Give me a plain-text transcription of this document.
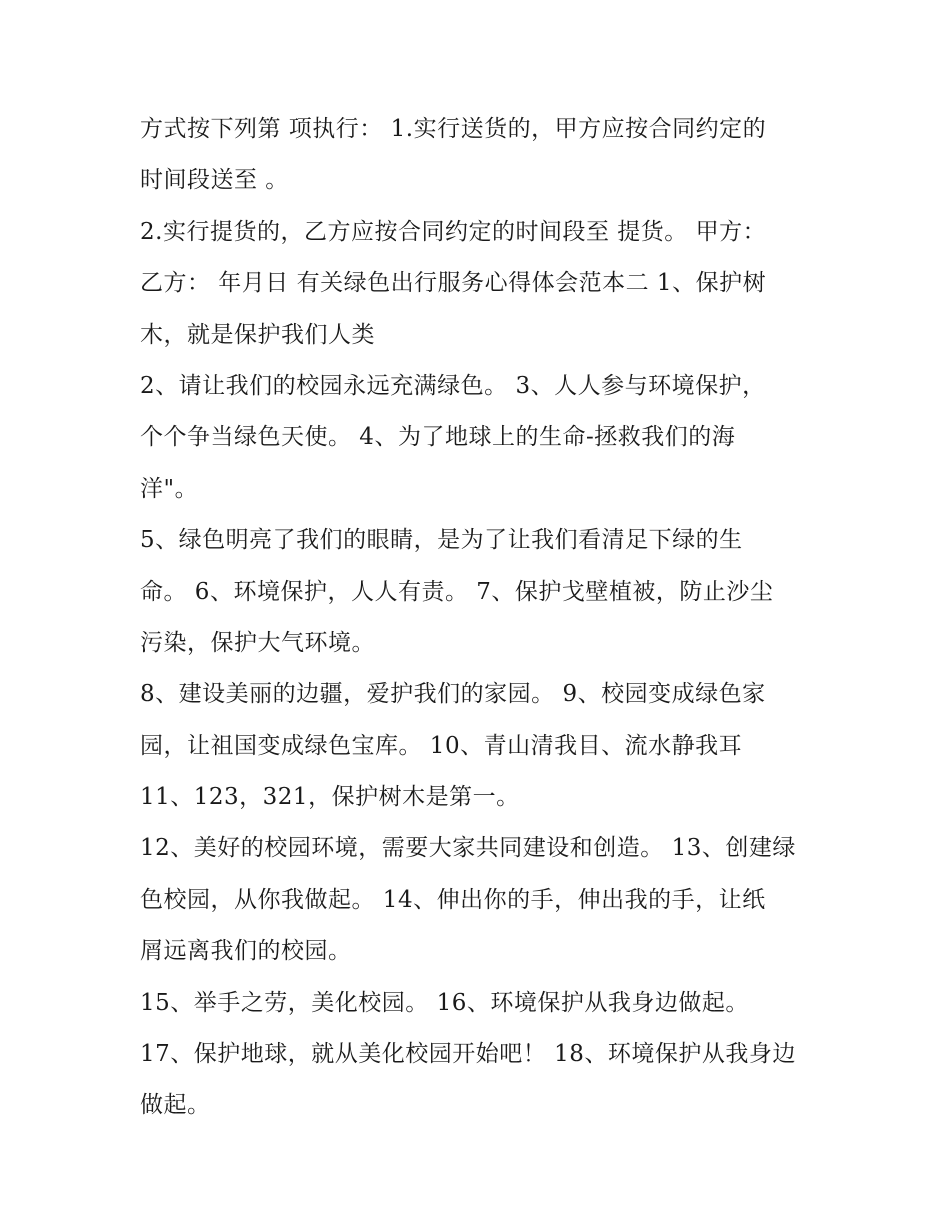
方式按下列第 项执行： 1.实行送货的，甲方应按合同约定的
时间段送至 。
2.实行提货的，乙方应按合同约定的时间段至 提货。 甲方：
乙方： 年月日 有关绿色出行服务心得体会范本二 1、保护树
木，就是保护我们人类
2、请让我们的校园永远充满绿色。 3、人人参与环境保护，
个个争当绿色天使。 4、为了地球上的生命-拯救我们的海
洋"。
5、绿色明亮了我们的眼睛，是为了让我们看清足下绿的生
命。 6、环境保护，人人有责。 7、保护戈壁植被，防止沙尘
污染，保护大气环境。
8、建设美丽的边疆，爱护我们的家园。 9、校园变成绿色家
园，让祖国变成绿色宝库。 10、青山清我目、流水静我耳
11、123，321，保护树木是第一。
12、美好的校园环境，需要大家共同建设和创造。 13、创建绿
色校园，从你我做起。 14、伸出你的手，伸出我的手，让纸
屑远离我们的校园。
15、举手之劳，美化校园。 16、环境保护从我身边做起。
17、保护地球，就从美化校园开始吧！ 18、环境保护从我身边
做起。
